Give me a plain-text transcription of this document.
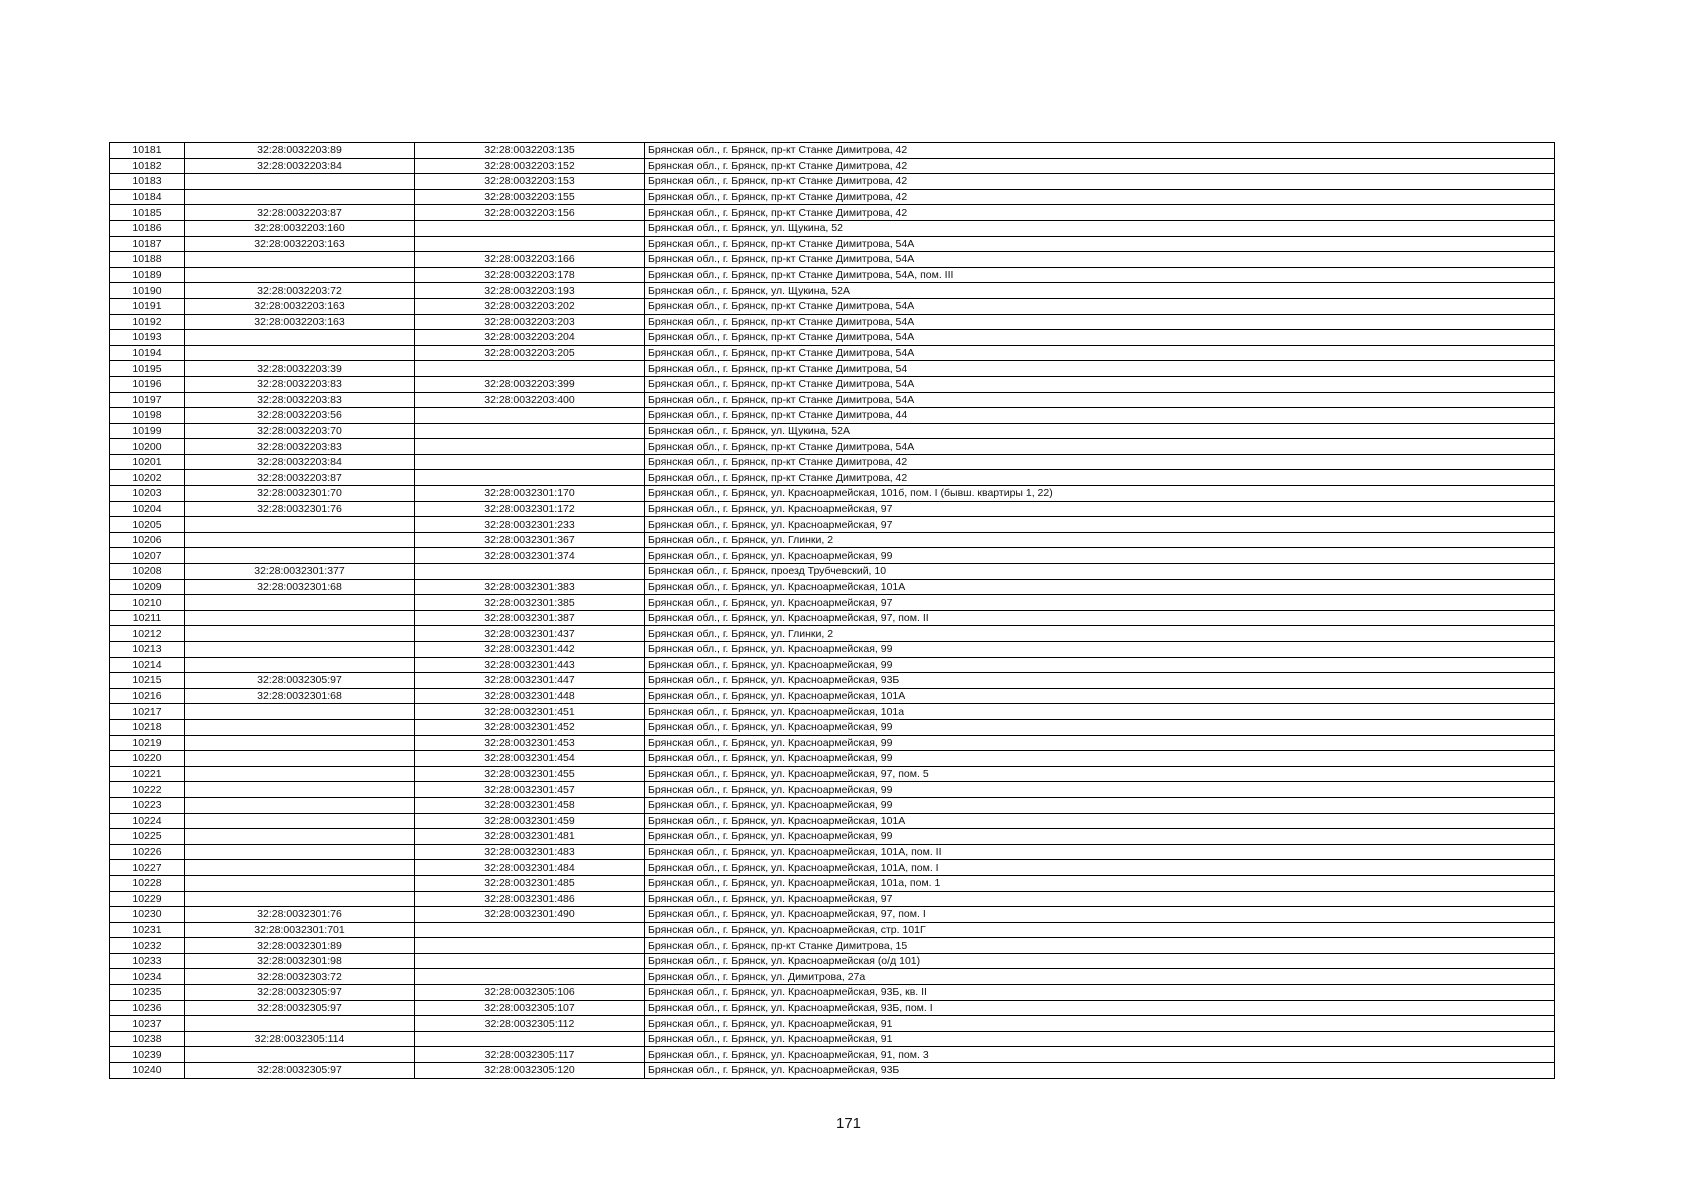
10181	32:28:0032203:89	32:28:0032203:135	Брянская обл., г. Брянск, пр-кт Станке Димитрова, 42
10182	32:28:0032203:84	32:28:0032203:152	Брянская обл., г. Брянск, пр-кт Станке Димитрова, 42
10183		32:28:0032203:153	Брянская обл., г. Брянск, пр-кт Станке Димитрова, 42
10184		32:28:0032203:155	Брянская обл., г. Брянск, пр-кт Станке Димитрова, 42
10185	32:28:0032203:87	32:28:0032203:156	Брянская обл., г. Брянск, пр-кт Станке Димитрова, 42
10186	32:28:0032203:160		Брянская обл., г. Брянск, ул. Щукина, 52
10187	32:28:0032203:163		Брянская обл., г. Брянск, пр-кт Станке Димитрова, 54А
10188		32:28:0032203:166	Брянская обл., г. Брянск, пр-кт Станке Димитрова, 54А
10189		32:28:0032203:178	Брянская обл., г. Брянск, пр-кт Станке Димитрова, 54А, пом. III
10190	32:28:0032203:72	32:28:0032203:193	Брянская обл., г. Брянск, ул. Щукина, 52А
10191	32:28:0032203:163	32:28:0032203:202	Брянская обл., г. Брянск, пр-кт Станке Димитрова, 54А
10192	32:28:0032203:163	32:28:0032203:203	Брянская обл., г. Брянск, пр-кт Станке Димитрова, 54А
10193		32:28:0032203:204	Брянская обл., г. Брянск, пр-кт Станке Димитрова, 54А
10194		32:28:0032203:205	Брянская обл., г. Брянск, пр-кт Станке Димитрова, 54А
10195	32:28:0032203:39		Брянская обл., г. Брянск, пр-кт Станке Димитрова, 54
10196	32:28:0032203:83	32:28:0032203:399	Брянская обл., г. Брянск, пр-кт Станке Димитрова, 54А
10197	32:28:0032203:83	32:28:0032203:400	Брянская обл., г. Брянск, пр-кт Станке Димитрова, 54А
10198	32:28:0032203:56		Брянская обл., г. Брянск, пр-кт Станке Димитрова, 44
10199	32:28:0032203:70		Брянская обл., г. Брянск, ул. Щукина, 52А
10200	32:28:0032203:83		Брянская обл., г. Брянск, пр-кт Станке Димитрова, 54А
10201	32:28:0032203:84		Брянская обл., г. Брянск, пр-кт Станке Димитрова, 42
10202	32:28:0032203:87		Брянская обл., г. Брянск, пр-кт Станке Димитрова, 42
10203	32:28:0032301:70	32:28:0032301:170	Брянская обл., г. Брянск, ул. Красноармейская, 101б, пом. I (бывш. квартиры 1, 22)
10204	32:28:0032301:76	32:28:0032301:172	Брянская обл., г. Брянск, ул. Красноармейская, 97
10205		32:28:0032301:233	Брянская обл., г. Брянск, ул. Красноармейская, 97
10206		32:28:0032301:367	Брянская обл., г. Брянск, ул. Глинки, 2
10207		32:28:0032301:374	Брянская обл., г. Брянск, ул. Красноармейская, 99
10208	32:28:0032301:377		Брянская обл., г. Брянск, проезд Трубчевский, 10
10209	32:28:0032301:68	32:28:0032301:383	Брянская обл., г. Брянск, ул. Красноармейская, 101А
10210		32:28:0032301:385	Брянская обл., г. Брянск, ул. Красноармейская, 97
10211		32:28:0032301:387	Брянская обл., г. Брянск, ул. Красноармейская, 97, пом. II
10212		32:28:0032301:437	Брянская обл., г. Брянск, ул. Глинки, 2
10213		32:28:0032301:442	Брянская обл., г. Брянск, ул. Красноармейская, 99
10214		32:28:0032301:443	Брянская обл., г. Брянск, ул. Красноармейская, 99
10215	32:28:0032305:97	32:28:0032301:447	Брянская обл., г. Брянск, ул. Красноармейская, 93Б
10216	32:28:0032301:68	32:28:0032301:448	Брянская обл., г. Брянск, ул. Красноармейская, 101А
10217		32:28:0032301:451	Брянская обл., г. Брянск, ул. Красноармейская, 101а
10218		32:28:0032301:452	Брянская обл., г. Брянск, ул. Красноармейская, 99
10219		32:28:0032301:453	Брянская обл., г. Брянск, ул. Красноармейская, 99
10220		32:28:0032301:454	Брянская обл., г. Брянск, ул. Красноармейская, 99
10221		32:28:0032301:455	Брянская обл., г. Брянск, ул. Красноармейская, 97, пом. 5
10222		32:28:0032301:457	Брянская обл., г. Брянск, ул. Красноармейская, 99
10223		32:28:0032301:458	Брянская обл., г. Брянск, ул. Красноармейская, 99
10224		32:28:0032301:459	Брянская обл., г. Брянск, ул. Красноармейская, 101А
10225		32:28:0032301:481	Брянская обл., г. Брянск, ул. Красноармейская, 99
10226		32:28:0032301:483	Брянская обл., г. Брянск, ул. Красноармейская, 101А, пом. II
10227		32:28:0032301:484	Брянская обл., г. Брянск, ул. Красноармейская, 101А, пом. I
10228		32:28:0032301:485	Брянская обл., г. Брянск, ул. Красноармейская, 101а, пом. 1
10229		32:28:0032301:486	Брянская обл., г. Брянск, ул. Красноармейская, 97
10230	32:28:0032301:76	32:28:0032301:490	Брянская обл., г. Брянск, ул. Красноармейская, 97, пом. I
10231	32:28:0032301:701		Брянская обл., г. Брянск, ул. Красноармейская, стр. 101Г
10232	32:28:0032301:89		Брянская обл., г. Брянск, пр-кт Станке Димитрова, 15
10233	32:28:0032301:98		Брянская обл., г. Брянск, ул. Красноармейская (о/д 101)
10234	32:28:0032303:72		Брянская обл., г. Брянск, ул. Димитрова, 27а
10235	32:28:0032305:97	32:28:0032305:106	Брянская обл., г. Брянск, ул. Красноармейская, 93Б, кв. II
10236	32:28:0032305:97	32:28:0032305:107	Брянская обл., г. Брянск, ул. Красноармейская, 93Б, пом. I
10237		32:28:0032305:112	Брянская обл., г. Брянск, ул. Красноармейская, 91
10238	32:28:0032305:114		Брянская обл., г. Брянск, ул. Красноармейская, 91
10239		32:28:0032305:117	Брянская обл., г. Брянск, ул. Красноармейская, 91, пом. 3
10240	32:28:0032305:97	32:28:0032305:120	Брянская обл., г. Брянск, ул. Красноармейская, 93Б
171
